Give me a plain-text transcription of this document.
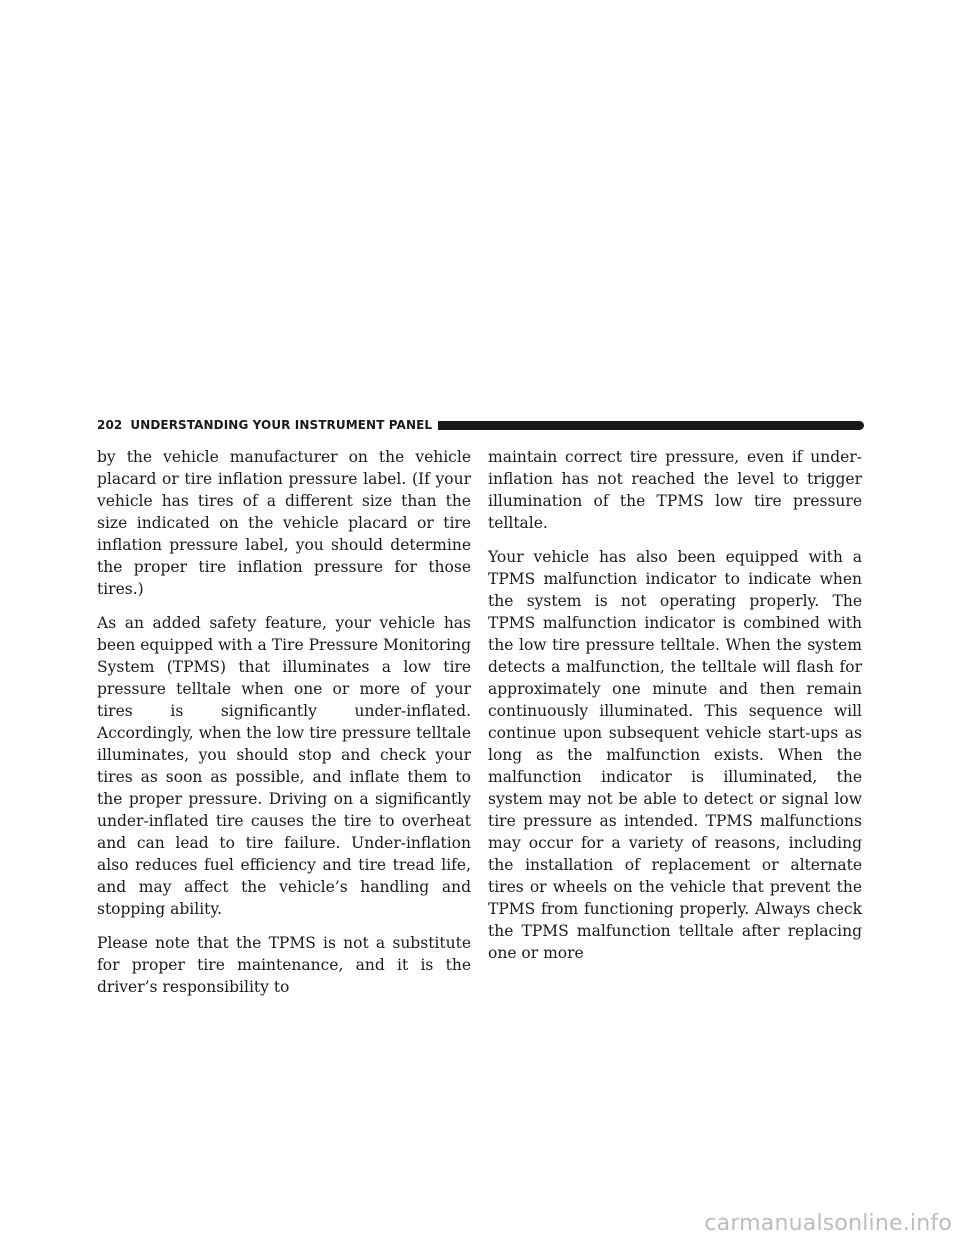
202 UNDERSTANDING YOUR INSTRUMENT PANEL

by the vehicle manufacturer on the vehicle placard or tire inflation pressure label. (If your vehicle has tires of a different size than the size indicated on the vehicle placard or tire inflation pressure label, you should determine the proper tire inflation pressure for those tires.)

As an added safety feature, your vehicle has been equipped with a Tire Pressure Monitoring System (TPMS) that illuminates a low tire pressure telltale when one or more of your tires is significantly under-inflated. Accordingly, when the low tire pressure telltale illuminates, you should stop and check your tires as soon as possible, and inflate them to the proper pressure. Driving on a significantly under-inflated tire causes the tire to overheat and can lead to tire failure. Under-inflation also reduces fuel efficiency and tire tread life, and may affect the vehicle’s handling and stopping ability.

Please note that the TPMS is not a substitute for proper tire maintenance, and it is the driver’s responsibility to

maintain correct tire pressure, even if under-inflation has not reached the level to trigger illumination of the TPMS low tire pressure telltale.

Your vehicle has also been equipped with a TPMS malfunction indicator to indicate when the system is not operating properly. The TPMS malfunction indicator is combined with the low tire pressure telltale. When the system detects a malfunction, the telltale will flash for approximately one minute and then remain continuously illuminated. This sequence will continue upon subsequent vehicle start-ups as long as the malfunction exists. When the malfunction indicator is illuminated, the system may not be able to detect or signal low tire pressure as intended. TPMS malfunctions may occur for a variety of reasons, including the installation of replacement or alternate tires or wheels on the vehicle that prevent the TPMS from functioning properly. Always check the TPMS malfunction telltale after replacing one or more

carmanualsonline.info
